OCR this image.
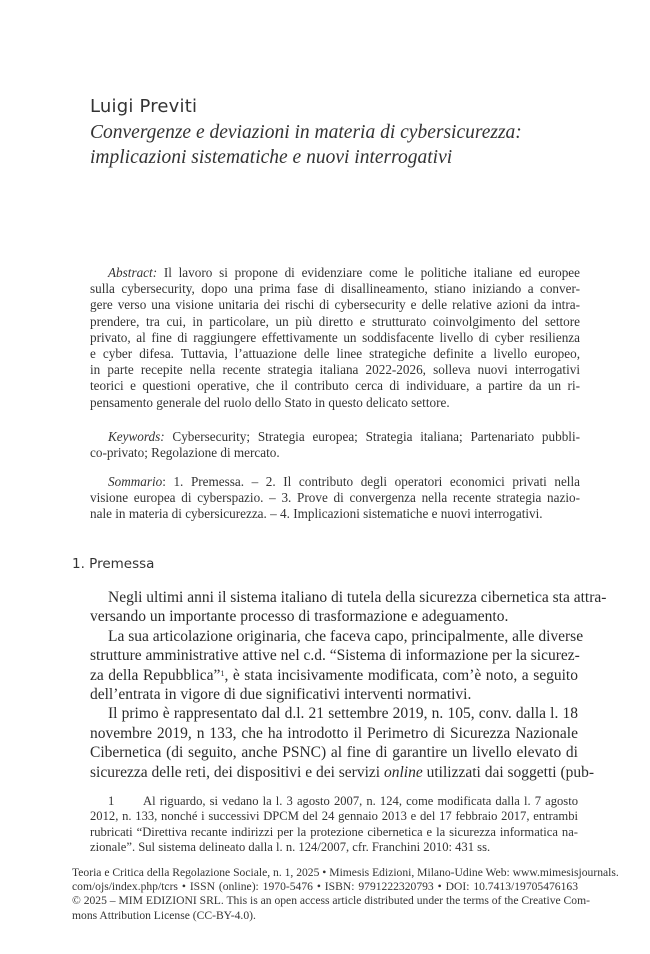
Luigi Previti
Convergenze e deviazioni in materia di cybersicurezza:
implicazioni sistematiche e nuovi interrogativi
Abstract: Il lavoro si propone di evidenziare come le politiche italiane ed europee
sulla cybersecurity, dopo una prima fase di disallineamento, stiano iniziando a conver-
gere verso una visione unitaria dei rischi di cybersecurity e delle relative azioni da intra-
prendere, tra cui, in particolare, un più diretto e strutturato coinvolgimento del settore
privato, al fine di raggiungere effettivamente un soddisfacente livello di cyber resilienza
e cyber difesa. Tuttavia, l’attuazione delle linee strategiche definite a livello europeo,
in parte recepite nella recente strategia italiana 2022-2026, solleva nuovi interrogativi
teorici e questioni operative, che il contributo cerca di individuare, a partire da un ri-
pensamento generale del ruolo dello Stato in questo delicato settore.
Keywords: Cybersecurity; Strategia europea; Strategia italiana; Partenariato pubbli-
co-privato; Regolazione di mercato.
Sommario: 1. Premessa. – 2. Il contributo degli operatori economici privati nella
visione europea di cyberspazio. – 3. Prove di convergenza nella recente strategia nazio-
nale in materia di cybersicurezza. – 4. Implicazioni sistematiche e nuovi interrogativi.
1. Premessa
Negli ultimi anni il sistema italiano di tutela della sicurezza cibernetica sta attra-
versando un importante processo di trasformazione e adeguamento.
La sua articolazione originaria, che faceva capo, principalmente, alle diverse
strutture amministrative attive nel c.d. “Sistema di informazione per la sicurez-
za della Repubblica”$^1$, è stata incisivamente modificata, com’è noto, a seguito
dell’entrata in vigore di due significativi interventi normativi.
Il primo è rappresentato dal d.l. 21 settembre 2019, n. 105, conv. dalla l. 18
novembre 2019, n 133, che ha introdotto il Perimetro di Sicurezza Nazionale
Cibernetica (di seguito, anche PSNC) al fine di garantire un livello elevato di
sicurezza delle reti, dei dispositivi e dei servizi online utilizzati dai soggetti (pub-
1 Al riguardo, si vedano la l. 3 agosto 2007, n. 124, come modificata dalla l. 7 agosto
2012, n. 133, nonché i successivi DPCM del 24 gennaio 2013 e del 17 febbraio 2017, entrambi
rubricati “Direttiva recante indirizzi per la protezione cibernetica e la sicurezza informatica na-
zionale”. Sul sistema delineato dalla l. n. 124/2007, cfr. Franchini 2010: 431 ss.
Teoria e Critica della Regolazione Sociale, n. 1, 2025 • Mimesis Edizioni, Milano-Udine Web: www.mimesisjournals.
com/ojs/index.php/tcrs • ISSN (online): 1970-5476 • ISBN: 9791222320793 • DOI: 10.7413/19705476163
© 2025 – MIM EDIZIONI SRL. This is an open access article distributed under the terms of the Creative Com-
mons Attribution License (CC-BY-4.0).
